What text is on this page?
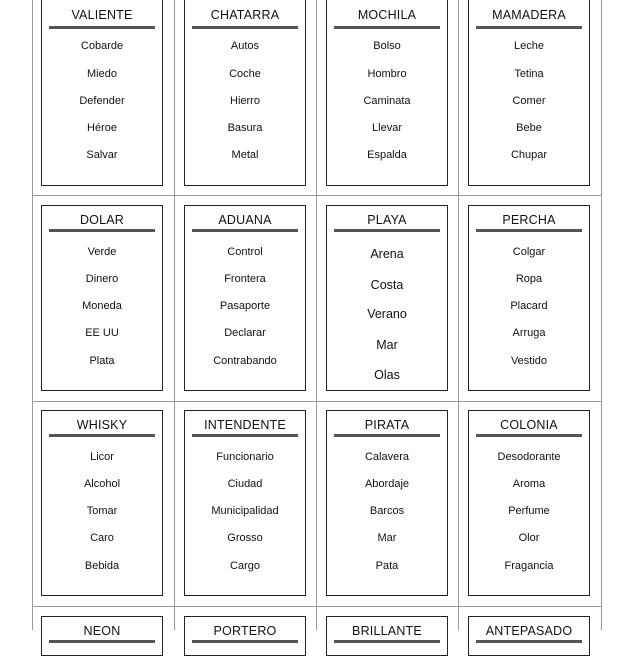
VALIENTE
Cobarde
Miedo
Defender
Héroe
Salvar
CHATARRA
Autos
Coche
Hierro
Basura
Metal
MOCHILA
Bolso
Hombro
Caminata
Llevar
Espalda
MAMADERA
Leche
Tetina
Comer
Bebe
Chupar
DOLAR
Verde
Dinero
Moneda
EE UU
Plata
ADUANA
Control
Frontera
Pasaporte
Declarar
Contrabando
PLAYA
Arena
Costa
Verano
Mar
Olas
PERCHA
Colgar
Ropa
Placard
Arruga
Vestido
WHISKY
Licor
Alcohol
Tomar
Caro
Bebida
INTENDENTE
Funcionario
Ciudad
Municipalidad
Grosso
Cargo
PIRATA
Calavera
Abordaje
Barcos
Mar
Pata
COLONIA
Desodorante
Aroma
Perfume
Olor
Fragancia
NEON	PORTERO	BRILLANTE	ANTEPASADO
